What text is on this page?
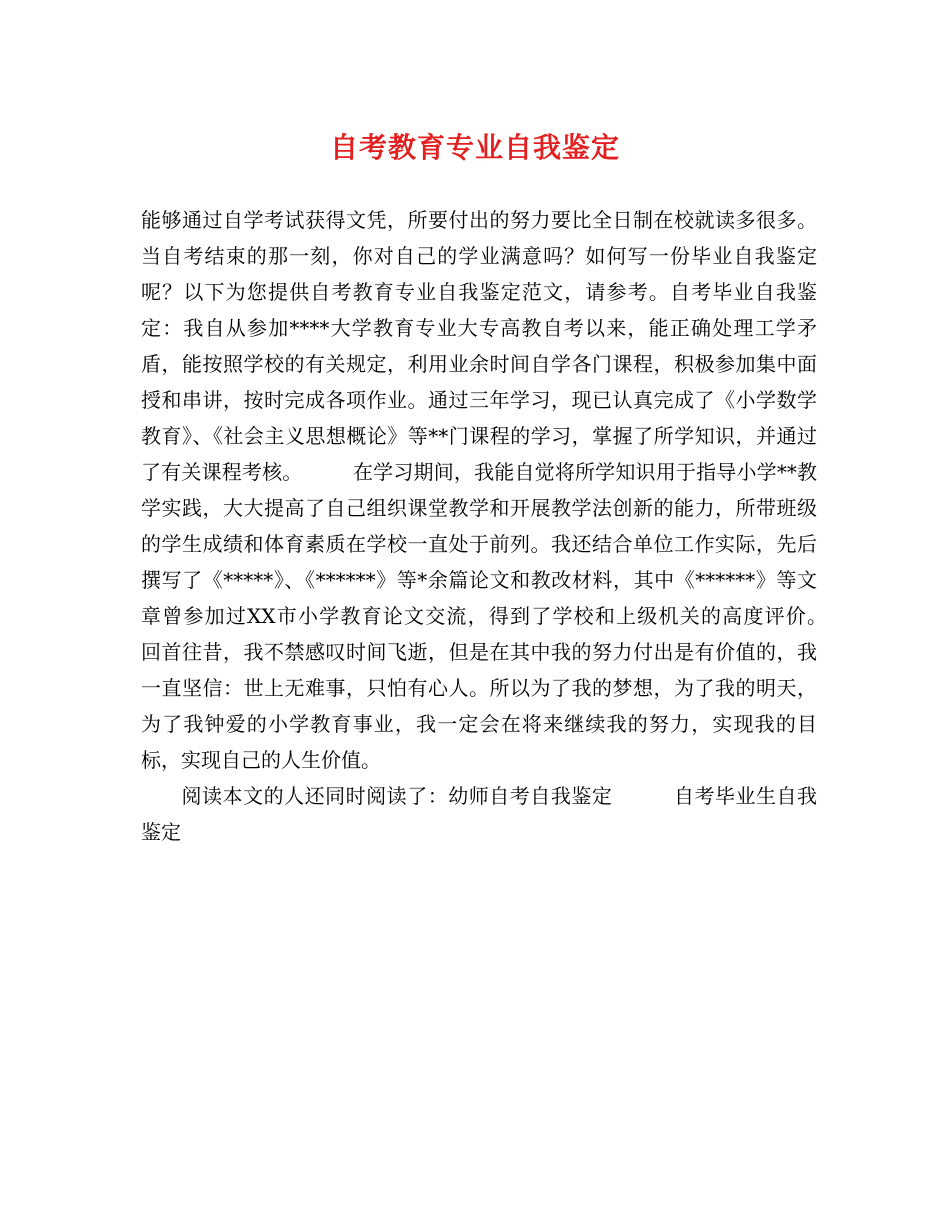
自考教育专业自我鉴定

能够通过自学考试获得文凭，所要付出的努力要比全日制在校就读多很多。当自考结束的那一刻，你对自己的学业满意吗？如何写一份毕业自我鉴定呢？以下为您提供自考教育专业自我鉴定范文，请参考。自考毕业自我鉴定：我自从参加****大学教育专业大专高教自考以来，能正确处理工学矛盾，能按照学校的有关规定，利用业余时间自学各门课程，积极参加集中面授和串讲，按时完成各项作业。通过三年学习，现已认真完成了《小学数学教育》、《社会主义思想概论》等**门课程的学习，掌握了所学知识，并通过了有关课程考核。　　　在学习期间，我能自觉将所学知识用于指导小学**教学实践，大大提高了自己组织课堂教学和开展教学法创新的能力，所带班级的学生成绩和体育素质在学校一直处于前列。我还结合单位工作实际，先后撰写了《*****》、《******》等*余篇论文和教改材料，其中《******》等文章曾参加过XX市小学教育论文交流，得到了学校和上级机关的高度评价。　　　回首往昔，我不禁感叹时间飞逝，但是在其中我的努力付出是有价值的，我一直坚信：世上无难事，只怕有心人。所以为了我的梦想，为了我的明天，为了我钟爱的小学教育事业，我一定会在将来继续我的努力，实现我的目标，实现自己的人生价值。

阅读本文的人还同时阅读了：幼师自考自我鉴定　　　	自考毕业生自我鉴定
